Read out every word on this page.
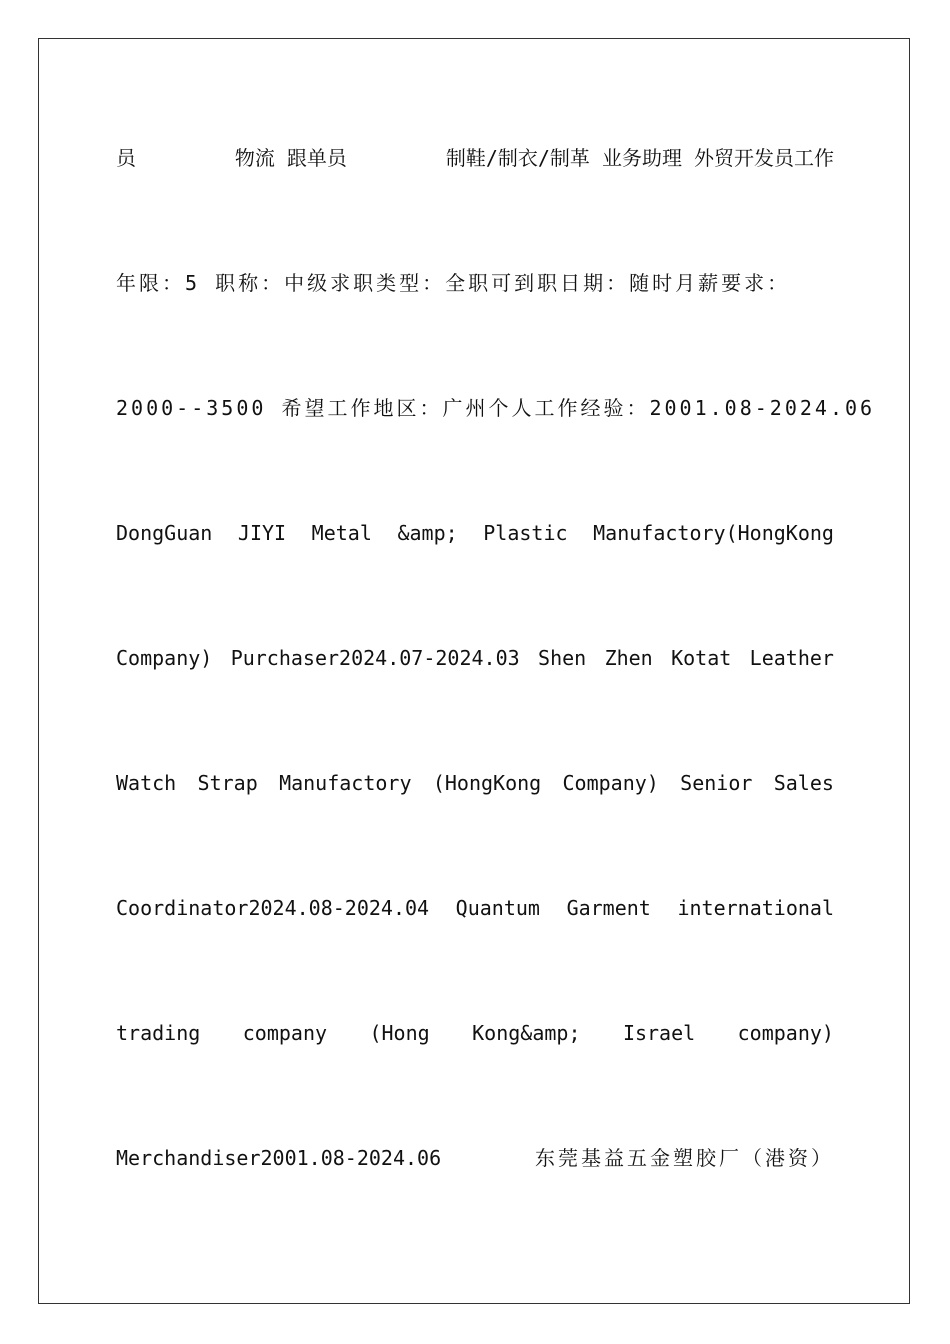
员	物流 跟单员	制鞋/制衣/制革 业务助理 外贸开发员工作
年限：5 职称：中级求职类型：全职可到职日期：随时月薪要求：
2000--3500 希望工作地区：广州个人工作经验：2001.08-2024.06
DongGuan JIYI Metal &amp; Plastic Manufactory(HongKong
Company) Purchaser2024.07-2024.03 Shen Zhen Kotat Leather
Watch Strap Manufactory (HongKong Company) Senior Sales
Coordinator2024.08-2024.04 Quantum Garment international
trading company (Hong Kong&amp; Israel company)
Merchandiser2001.08-2024.06	东莞基益五金塑胶厂（港资）
